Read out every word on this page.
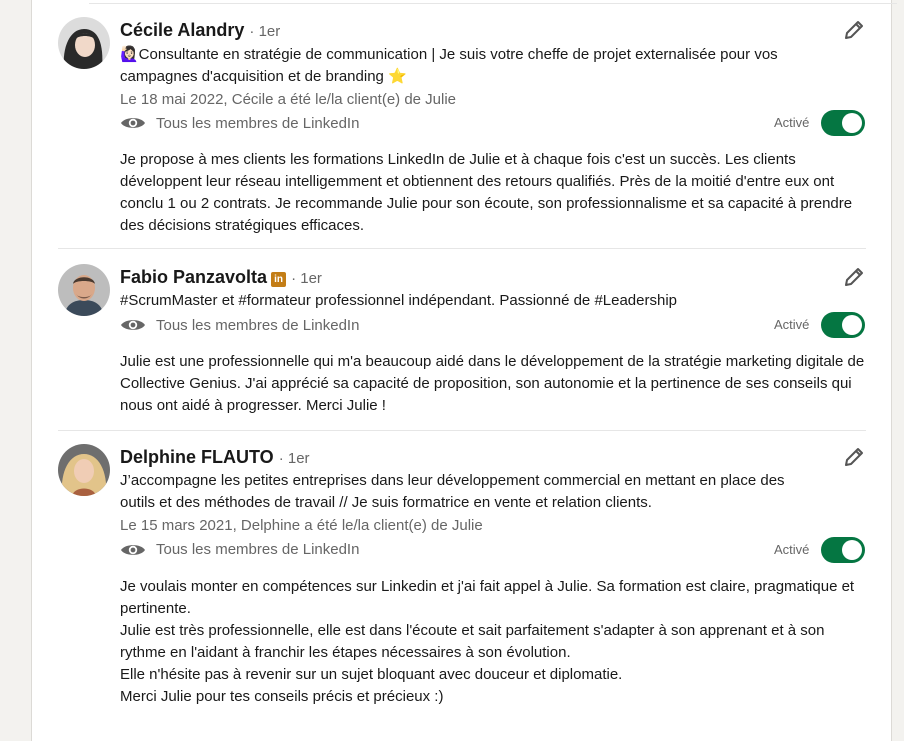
Cécile Alandry · 1er
🙋🏻‍♀️Consultante en stratégie de communication | Je suis votre cheffe de projet externalisée pour vos campagnes d'acquisition et de branding ⭐
Le 18 mai 2022, Cécile a été le/la client(e) de Julie
Tous les membres de LinkedIn	Activé

Je propose à mes clients les formations LinkedIn de Julie et à chaque fois c'est un succès. Les clients développent leur réseau intelligemment et obtiennent des retours qualifiés. Près de la moitié d'entre eux ont conclu 1 ou 2 contrats. Je recommande Julie pour son écoute, son professionnalisme et sa capacité à prendre des décisions stratégiques efficaces.

Fabio Panzavolta in · 1er
#ScrumMaster et #formateur professionnel indépendant. Passionné de #Leadership
Tous les membres de LinkedIn	Activé

Julie est une professionnelle qui m'a beaucoup aidé dans le développement de la stratégie marketing digitale de Collective Genius. J'ai apprécié sa capacité de proposition, son autonomie et la pertinence de ses conseils qui nous ont aidé à progresser. Merci Julie !

Delphine FLAUTO · 1er
J’accompagne les petites entreprises dans leur développement commercial en mettant en place des outils et des méthodes de travail // Je suis formatrice en vente et relation clients.
Le 15 mars 2021, Delphine a été le/la client(e) de Julie
Tous les membres de LinkedIn	Activé

Je voulais monter en compétences sur Linkedin et j'ai fait appel à Julie. Sa formation est claire, pragmatique et pertinente.

Julie est très professionnelle, elle est dans l'écoute et sait parfaitement s'adapter à son apprenant et à son rythme en l'aidant à franchir les étapes nécessaires à son évolution.

Elle n'hésite pas à revenir sur un sujet bloquant avec douceur et diplomatie.

Merci Julie pour tes conseils précis et précieux :)
